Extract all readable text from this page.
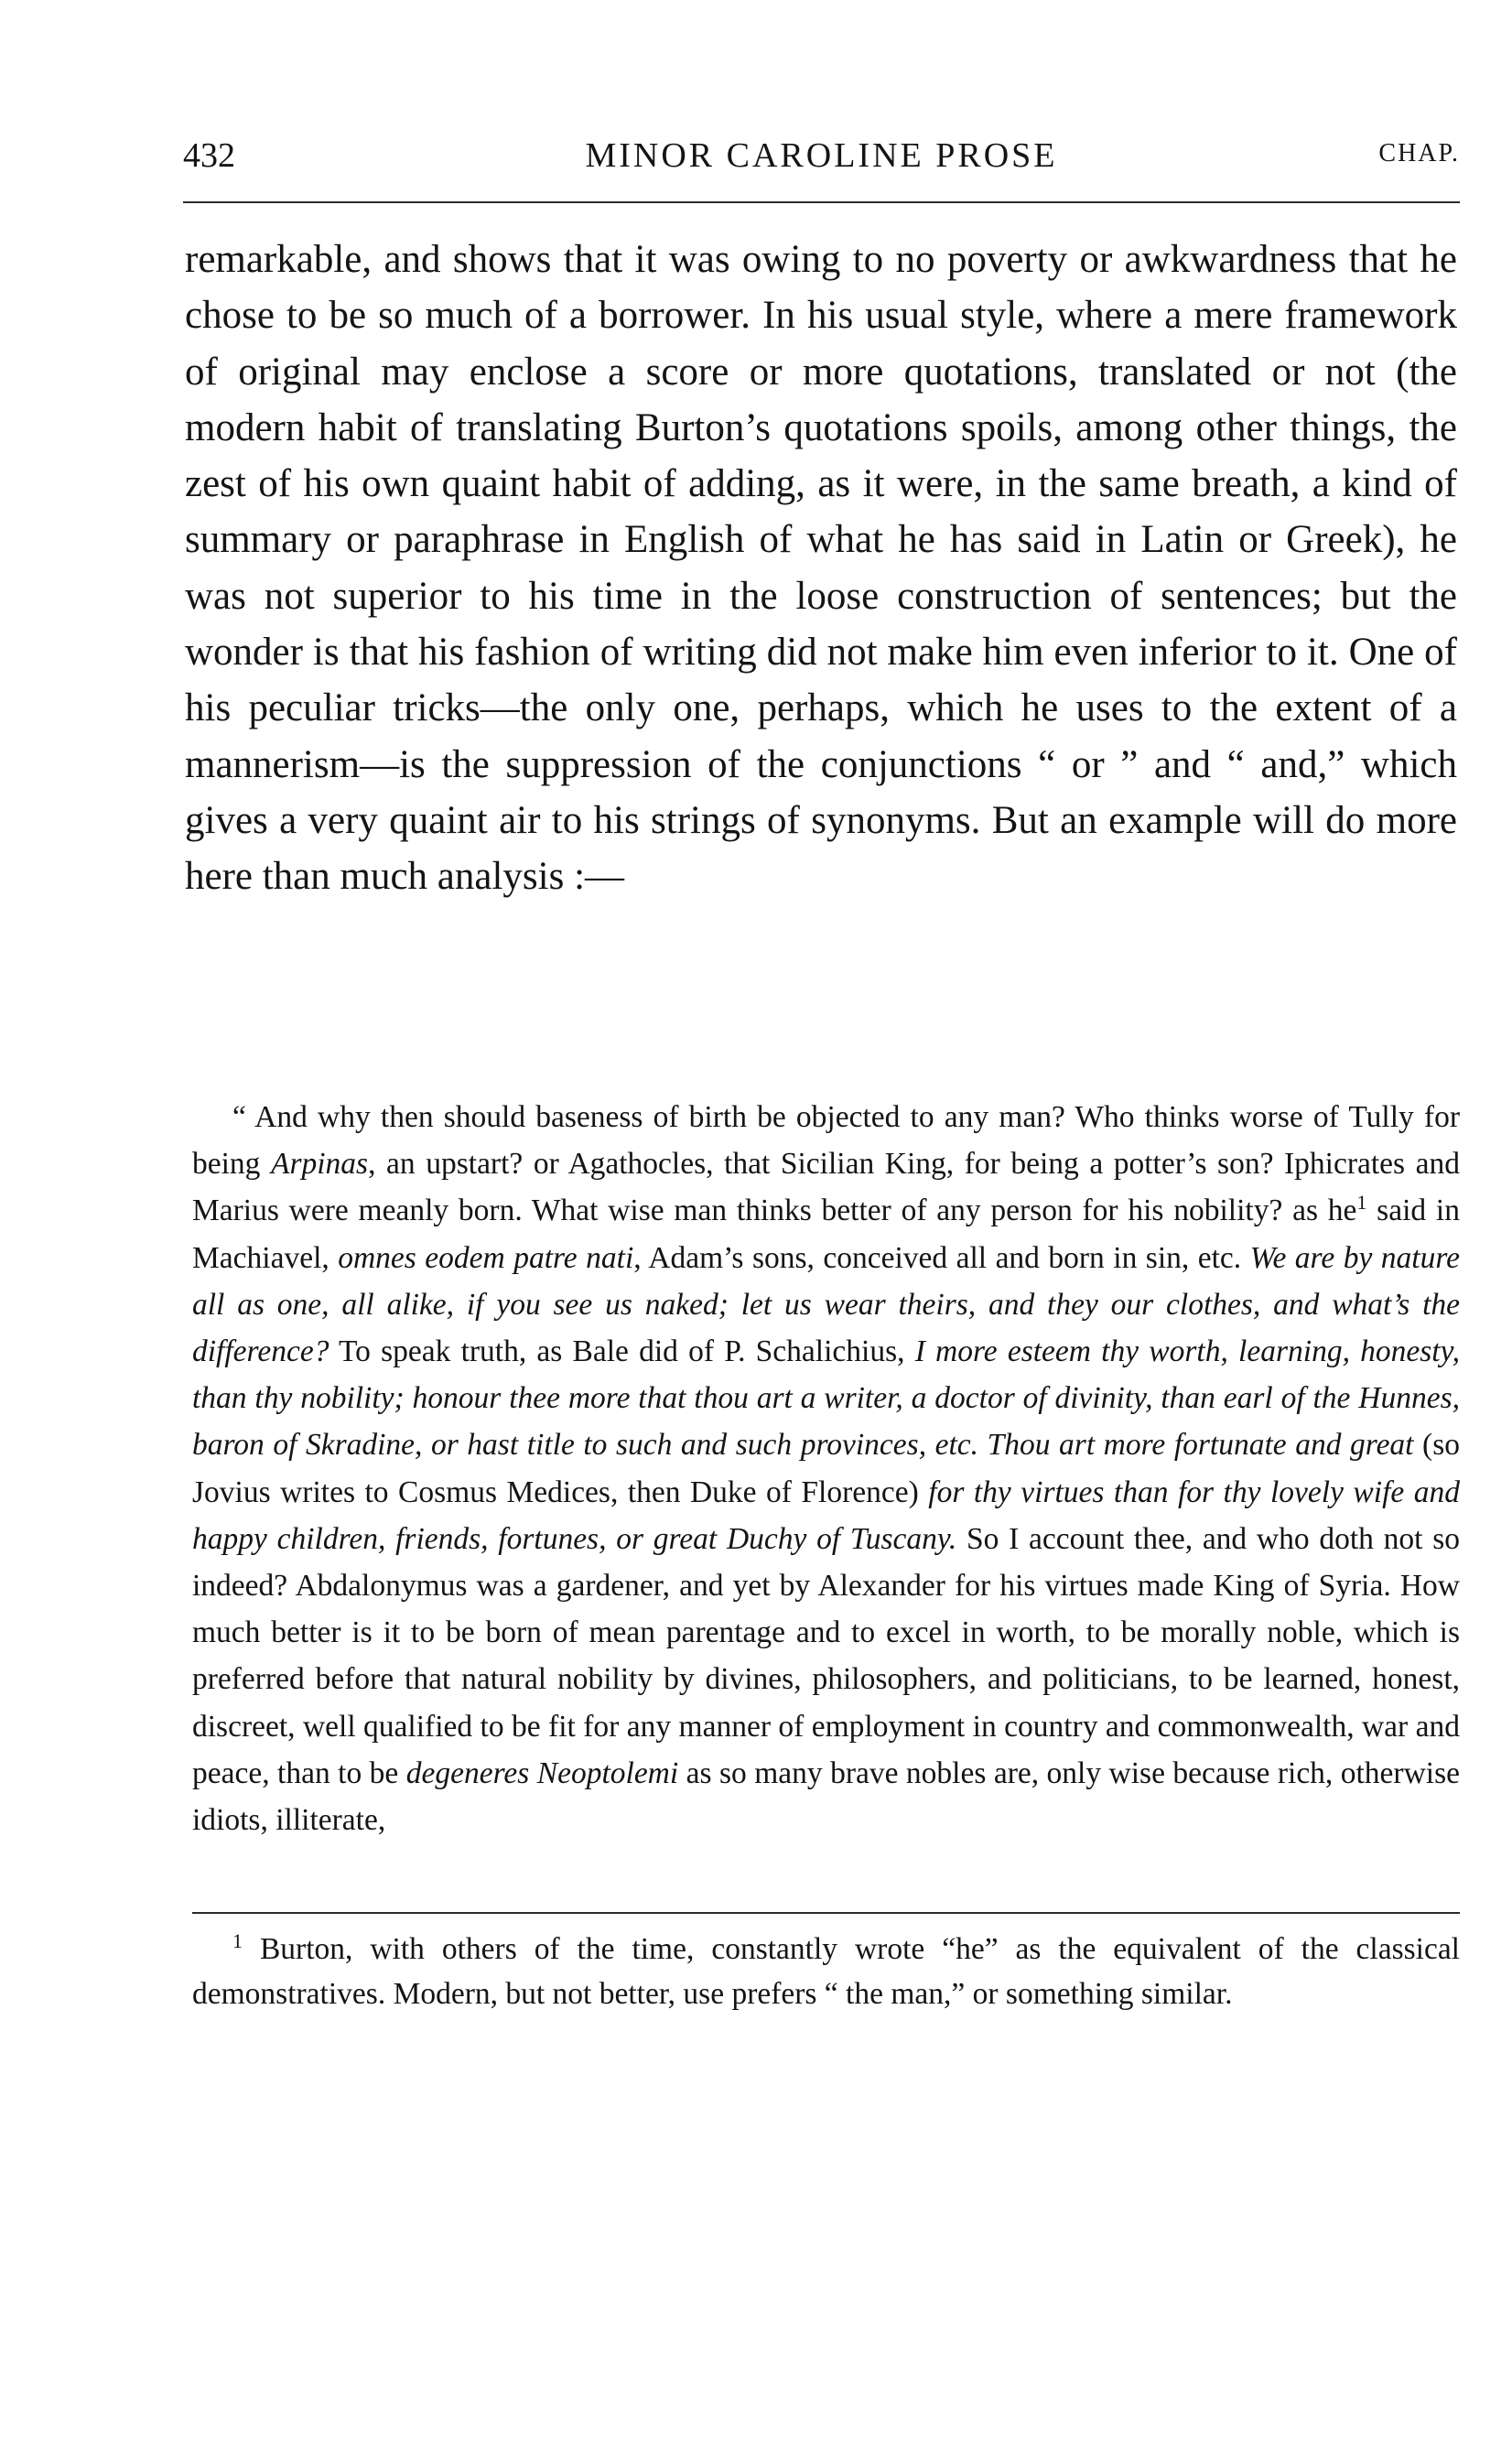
432	MINOR CAROLINE PROSE	CHAP.
remarkable, and shows that it was owing to no poverty or awkwardness that he chose to be so much of a borrower. In his usual style, where a mere framework of original may enclose a score or more quotations, translated or not (the modern habit of translating Burton’s quotations spoils, among other things, the zest of his own quaint habit of adding, as it were, in the same breath, a kind of summary or paraphrase in English of what he has said in Latin or Greek), he was not superior to his time in the loose construction of sentences; but the wonder is that his fashion of writing did not make him even inferior to it. One of his peculiar tricks—the only one, perhaps, which he uses to the extent of a mannerism—is the suppression of the conjunctions “ or ” and “ and,” which gives a very quaint air to his strings of synonyms. But an example will do more here than much analysis :—

“ And why then should baseness of birth be objected to any man? Who thinks worse of Tully for being Arpinas, an upstart? or Agathocles, that Sicilian King, for being a potter’s son? Iphicrates and Marius were meanly born. What wise man thinks better of any person for his nobility? as he$^1$ said in Machiavel, omnes eodem patre nati, Adam’s sons, conceived all and born in sin, etc. We are by nature all as one, all alike, if you see us naked; let us wear theirs, and they our clothes, and what’s the difference? To speak truth, as Bale did of P. Schalichius, I more esteem thy worth, learning, honesty, than thy nobility; honour thee more that thou art a writer, a doctor of divinity, than earl of the Hunnes, baron of Skradine, or hast title to such and such provinces, etc. Thou art more fortunate and great (so Jovius writes to Cosmus Medices, then Duke of Florence) for thy virtues than for thy lovely wife and happy children, friends, fortunes, or great Duchy of Tuscany. So I account thee, and who doth not so indeed? Abdalonymus was a gardener, and yet by Alexander for his virtues made King of Syria. How much better is it to be born of mean parentage and to excel in worth, to be morally noble, which is preferred before that natural nobility by divines, philosophers, and politicians, to be learned, honest, discreet, well qualified to be fit for any manner of employment in country and commonwealth, war and peace, than to be degeneres Neoptolemi as so many brave nobles are, only wise because rich, otherwise idiots, illiterate,

$^1$ Burton, with others of the time, constantly wrote “he” as the equivalent of the classical demonstratives. Modern, but not better, use prefers “ the man,” or something similar.
